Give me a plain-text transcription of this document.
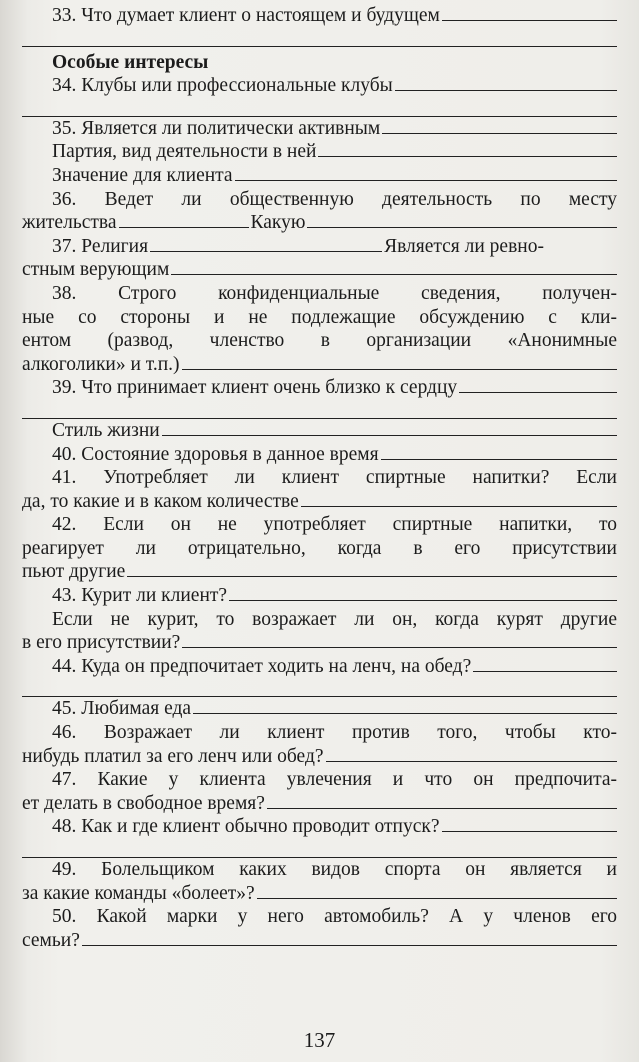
33. Что думает клиент о настоящем и будущем
Особые интересы
34. Клубы или профессиональные клубы
35. Является ли политически активным
Партия, вид деятельности в ней
Значение для клиента
36. Ведет ли общественную деятельность по месту
жительства	Какую
37. Религия	Является ли ревно-
стным верующим
38. Строго конфиденциальные сведения, получен-
ные со стороны и не подлежащие обсуждению с кли-
ентом (развод, членство в организации «Анонимные
алкоголики» и т.п.)
39. Что принимает клиент очень близко к сердцу
Стиль жизни
40. Состояние здоровья в данное время
41. Употребляет ли клиент спиртные напитки? Если
да, то какие и в каком количестве
42. Если он не употребляет спиртные напитки, то
реагирует ли отрицательно, когда в его присутствии
пьют другие
43. Курит ли клиент?
Если не курит, то возражает ли он, когда курят другие
в его присутствии?
44. Куда он предпочитает ходить на ленч, на обед?
45. Любимая еда
46. Возражает ли клиент против того, чтобы кто-
нибудь платил за его ленч или обед?
47. Какие у клиента увлечения и что он предпочита-
ет делать в свободное время?
48. Как и где клиент обычно проводит отпуск?
49. Болельщиком каких видов спорта он является и
за какие команды «болеет»?
50. Какой марки у него автомобиль? А у членов его
семьи?
137
